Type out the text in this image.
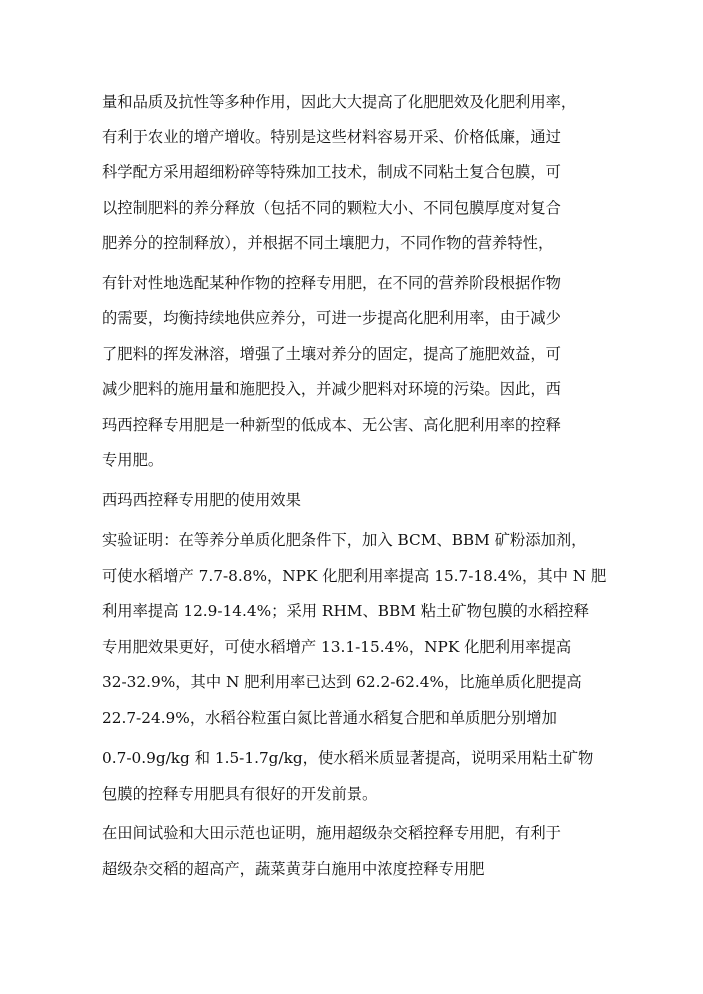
量和品质及抗性等多种作用，因此大大提高了化肥肥效及化肥利用率，
有利于农业的增产增收。特别是这些材料容易开采、价格低廉，通过
科学配方采用超细粉碎等特殊加工技术，制成不同粘土复合包膜，可
以控制肥料的养分释放（包括不同的颗粒大小、不同包膜厚度对复合
肥养分的控制释放），并根据不同土壤肥力，不同作物的营养特性，
有针对性地选配某种作物的控释专用肥，在不同的营养阶段根据作物
的需要，均衡持续地供应养分，可进一步提高化肥利用率，由于减少
了肥料的挥发淋溶，增强了土壤对养分的固定，提高了施肥效益，可
减少肥料的施用量和施肥投入，并减少肥料对环境的污染。因此，西
玛西控释专用肥是一种新型的低成本、无公害、高化肥利用率的控释
专用肥。
西玛西控释专用肥的使用效果
实验证明：在等养分单质化肥条件下，加入 BCM、BBM 矿粉添加剂，
可使水稻增产 7.7-8.8%，NPK 化肥利用率提高 15.7-18.4%，其中 N 肥
利用率提高 12.9-14.4%；采用 RHM、BBM 粘土矿物包膜的水稻控释
专用肥效果更好，可使水稻增产 13.1-15.4%，NPK 化肥利用率提高
32-32.9%，其中 N 肥利用率已达到 62.2-62.4%，比施单质化肥提高
22.7-24.9%，水稻谷粒蛋白氮比普通水稻复合肥和单质肥分别增加
0.7-0.9g/kg 和 1.5-1.7g/kg，使水稻米质显著提高，说明采用粘土矿物
包膜的控释专用肥具有很好的开发前景。
在田间试验和大田示范也证明，施用超级杂交稻控释专用肥，有利于
超级杂交稻的超高产，蔬菜黄芽白施用中浓度控释专用肥
